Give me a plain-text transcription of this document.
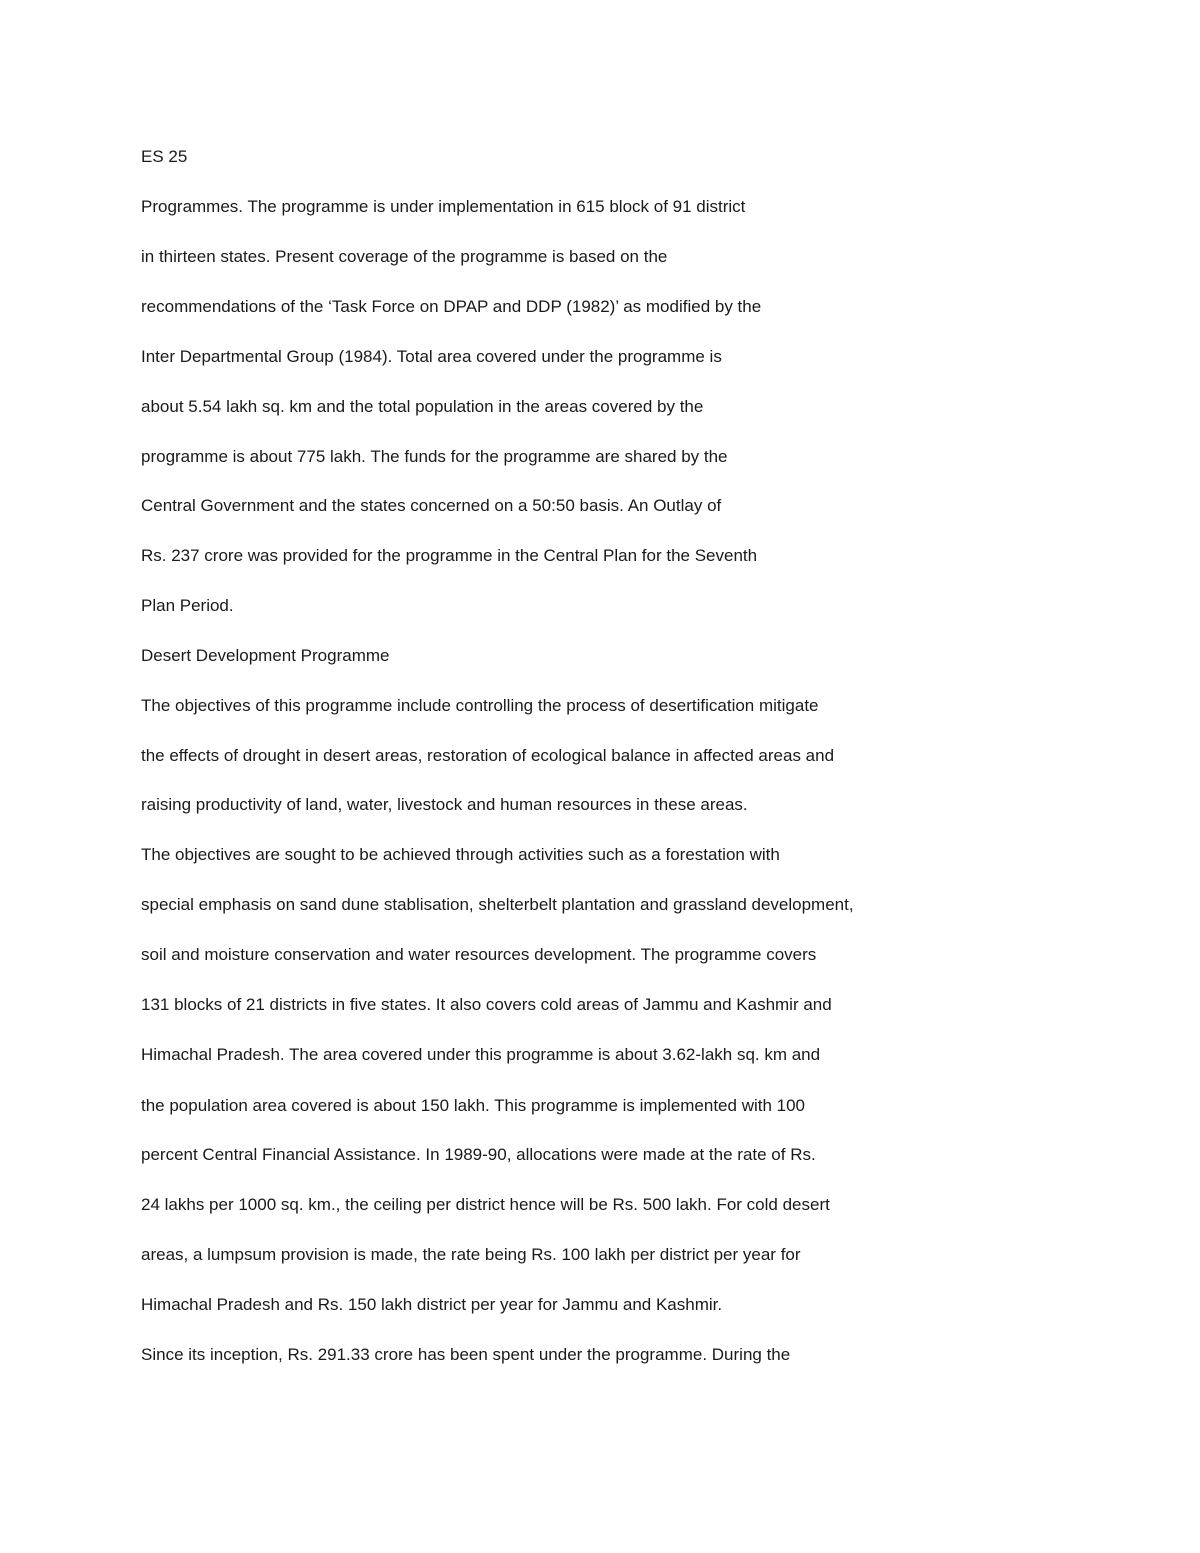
ES 25
Programmes. The programme is under implementation in 615 block of 91 district
in thirteen states. Present coverage of the programme is based on the
recommendations of the ‘Task Force on DPAP and DDP (1982)’ as modified by the
Inter Departmental Group (1984). Total area covered under the programme is
about 5.54 lakh sq. km and the total population in the areas covered by the
programme is about 775 lakh. The funds for the programme are shared by the
Central Government and the states concerned on a 50:50 basis. An Outlay of
Rs. 237 crore was provided for the programme in the Central Plan for the Seventh
Plan Period.
Desert Development Programme
The objectives of this programme include controlling the process of desertification mitigate
the effects of drought in desert areas, restoration of ecological balance in affected areas and
raising productivity of land, water, livestock and human resources in these areas.
The objectives are sought to be achieved through activities such as a forestation with
special emphasis on sand dune stablisation, shelterbelt plantation and grassland development,
soil and moisture conservation and water resources development. The programme covers
131 blocks of 21 districts in five states. It also covers cold areas of Jammu and Kashmir and
Himachal Pradesh. The area covered under this programme is about 3.62-lakh sq. km and
the population area covered is about 150 lakh. This programme is implemented with 100
percent Central Financial Assistance. In 1989-90, allocations were made at the rate of Rs.
24 lakhs per 1000 sq. km., the ceiling per district hence will be Rs. 500 lakh. For cold desert
areas, a lumpsum provision is made, the rate being Rs. 100 lakh per district per year for
Himachal Pradesh and Rs. 150 lakh district per year for Jammu and Kashmir.
Since its inception, Rs. 291.33 crore has been spent under the programme. During the
